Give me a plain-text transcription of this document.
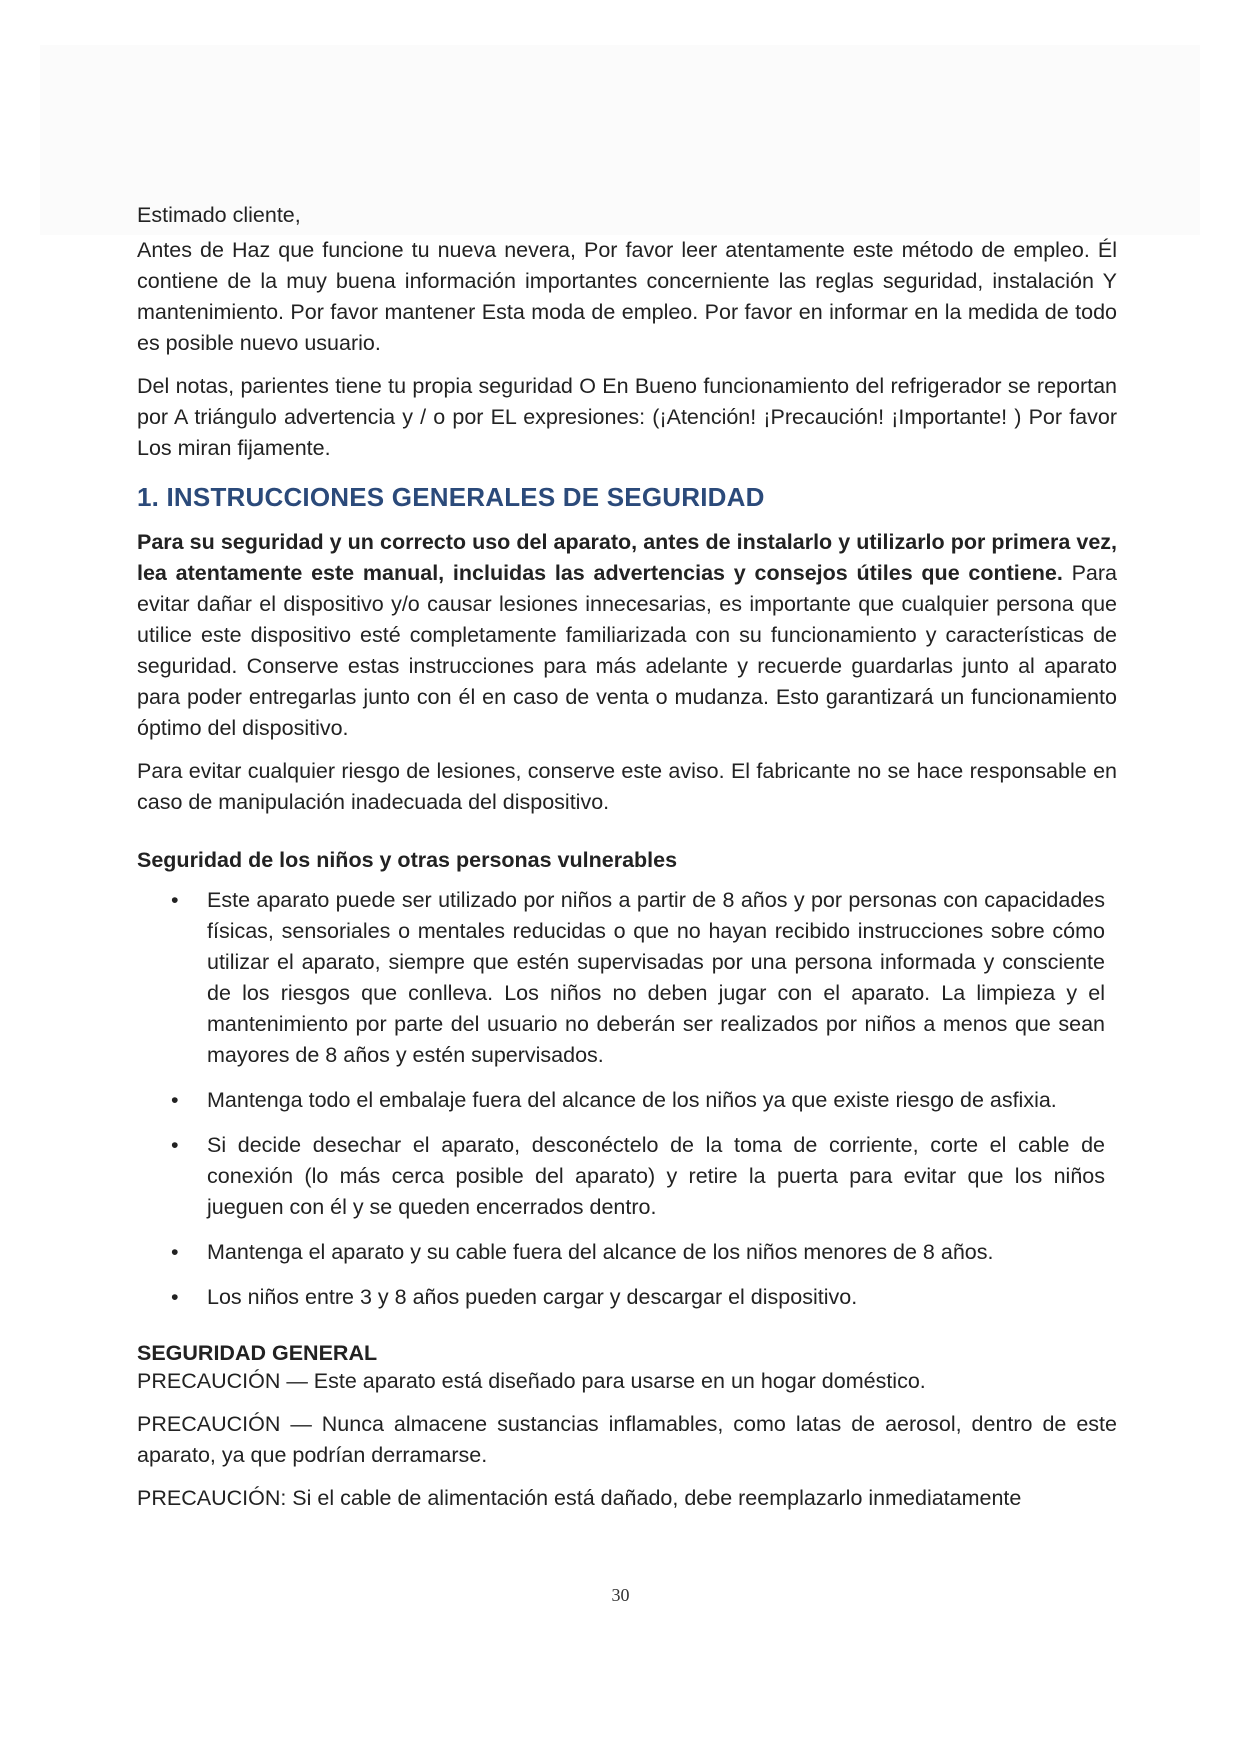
Estimado cliente,

Antes de Haz que funcione tu nueva nevera, Por favor leer atentamente este método de empleo. Él contiene de la muy buena información importantes concerniente las reglas seguridad, instalación Y mantenimiento. Por favor mantener Esta moda de empleo. Por favor en informar en la medida de todo es posible nuevo usuario.

Del notas, parientes tiene tu propia seguridad O En Bueno funcionamiento del refrigerador se reportan por A triángulo advertencia y / o por EL expresiones: (¡Atención! ¡Precaución! ¡Importante! ) Por favor Los miran fijamente.

1. INSTRUCCIONES GENERALES DE SEGURIDAD

Para su seguridad y un correcto uso del aparato, antes de instalarlo y utilizarlo por primera vez, lea atentamente este manual, incluidas las advertencias y consejos útiles que contiene. Para evitar dañar el dispositivo y/o causar lesiones innecesarias, es importante que cualquier persona que utilice este dispositivo esté completamente familiarizada con su funcionamiento y características de seguridad. Conserve estas instrucciones para más adelante y recuerde guardarlas junto al aparato para poder entregarlas junto con él en caso de venta o mudanza. Esto garantizará un funcionamiento óptimo del dispositivo.

Para evitar cualquier riesgo de lesiones, conserve este aviso. El fabricante no se hace responsable en caso de manipulación inadecuada del dispositivo.

Seguridad de los niños y otras personas vulnerables
• Este aparato puede ser utilizado por niños a partir de 8 años y por personas con capacidades físicas, sensoriales o mentales reducidas o que no hayan recibido instrucciones sobre cómo utilizar el aparato, siempre que estén supervisadas por una persona informada y consciente de los riesgos que conlleva. Los niños no deben jugar con el aparato. La limpieza y el mantenimiento por parte del usuario no deberán ser realizados por niños a menos que sean mayores de 8 años y estén supervisados.
• Mantenga todo el embalaje fuera del alcance de los niños ya que existe riesgo de asfixia.
• Si decide desechar el aparato, desconéctelo de la toma de corriente, corte el cable de conexión (lo más cerca posible del aparato) y retire la puerta para evitar que los niños jueguen con él y se queden encerrados dentro.
• Mantenga el aparato y su cable fuera del alcance de los niños menores de 8 años.
• Los niños entre 3 y 8 años pueden cargar y descargar el dispositivo.
SEGURIDAD GENERAL

PRECAUCIÓN — Este aparato está diseñado para usarse en un hogar doméstico.

PRECAUCIÓN — Nunca almacene sustancias inflamables, como latas de aerosol, dentro de este aparato, ya que podrían derramarse.

PRECAUCIÓN: Si el cable de alimentación está dañado, debe reemplazarlo inmediatamente

30
